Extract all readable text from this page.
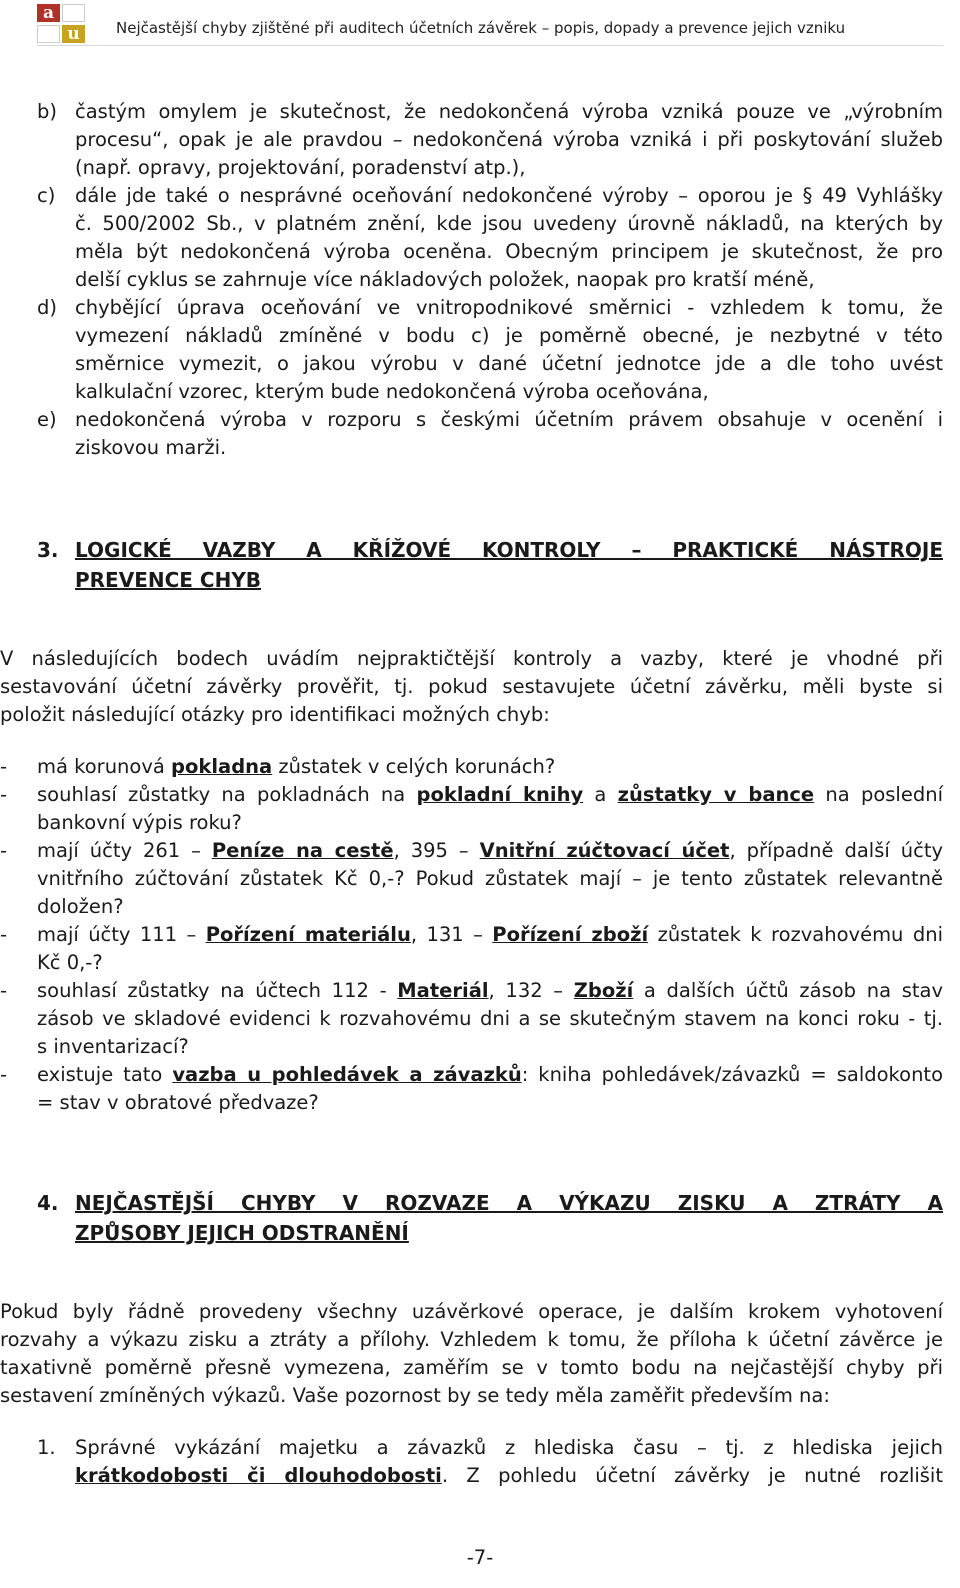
a
u	Nejčastější chyby zjištěné při auditech účetních závěrek – popis, dopady a prevence jejich vzniku
b) častým omylem je skutečnost, že nedokončená výroba vzniká pouze ve „výrobním
procesu“, opak je ale pravdou – nedokončená výroba vzniká i při poskytování služeb
(např. opravy, projektování, poradenství atp.),
c) dále jde také o nesprávné oceňování nedokončené výroby – oporou je § 49 Vyhlášky
č. 500/2002 Sb., v platném znění, kde jsou uvedeny úrovně nákladů, na kterých by
měla být nedokončená výroba oceněna. Obecným principem je skutečnost, že pro
delší cyklus se zahrnuje více nákladových položek, naopak pro kratší méně,
d) chybějící úprava oceňování ve vnitropodnikové směrnici - vzhledem k tomu, že
vymezení nákladů zmíněné v bodu c) je poměrně obecné, je nezbytné v této
směrnice vymezit, o jakou výrobu v dané účetní jednotce jde a dle toho uvést
kalkulační vzorec, kterým bude nedokončená výroba oceňována,
e) nedokončená výroba v rozporu s českými účetním právem obsahuje v ocenění i
ziskovou marži.
3. LOGICKÉ VAZBY A KŘÍŽOVÉ KONTROLY – PRAKTICKÉ NÁSTROJE
PREVENCE CHYB
V následujících bodech uvádím nejpraktičtější kontroly a vazby, které je vhodné při
sestavování účetní závěrky prověřit, tj. pokud sestavujete účetní závěrku, měli byste si
položit následující otázky pro identifikaci možných chyb:
- má korunová pokladna zůstatek v celých korunách?
- souhlasí zůstatky na pokladnách na pokladní knihy a zůstatky v bance na poslední
bankovní výpis roku?
- mají účty 261 – Peníze na cestě, 395 – Vnitřní zúčtovací účet, případně další účty
vnitřního zúčtování zůstatek Kč 0,-? Pokud zůstatek mají – je tento zůstatek relevantně
doložen?
- mají účty 111 – Pořízení materiálu, 131 – Pořízení zboží zůstatek k rozvahovému dni
Kč 0,-?
- souhlasí zůstatky na účtech 112 - Materiál, 132 – Zboží a dalších účtů zásob na stav
zásob ve skladové evidenci k rozvahovému dni a se skutečným stavem na konci roku - tj.
s inventarizací?
- existuje tato vazba u pohledávek a závazků: kniha pohledávek/závazků = saldokonto
= stav v obratové předvaze?
4. NEJČASTĚJŠÍ CHYBY V ROZVAZE A VÝKAZU ZISKU A ZTRÁTY A
ZPŮSOBY JEJICH ODSTRANĚNÍ
Pokud byly řádně provedeny všechny uzávěrkové operace, je dalším krokem vyhotovení
rozvahy a výkazu zisku a ztráty a přílohy. Vzhledem k tomu, že příloha k účetní závěrce je
taxativně poměrně přesně vymezena, zaměřím se v tomto bodu na nejčastější chyby při
sestavení zmíněných výkazů. Vaše pozornost by se tedy měla zaměřit především na:
1. Správné vykázání majetku a závazků z hlediska času – tj. z hlediska jejich
krátkodobosti či dlouhodobosti. Z pohledu účetní závěrky je nutné rozlišit
-7-
